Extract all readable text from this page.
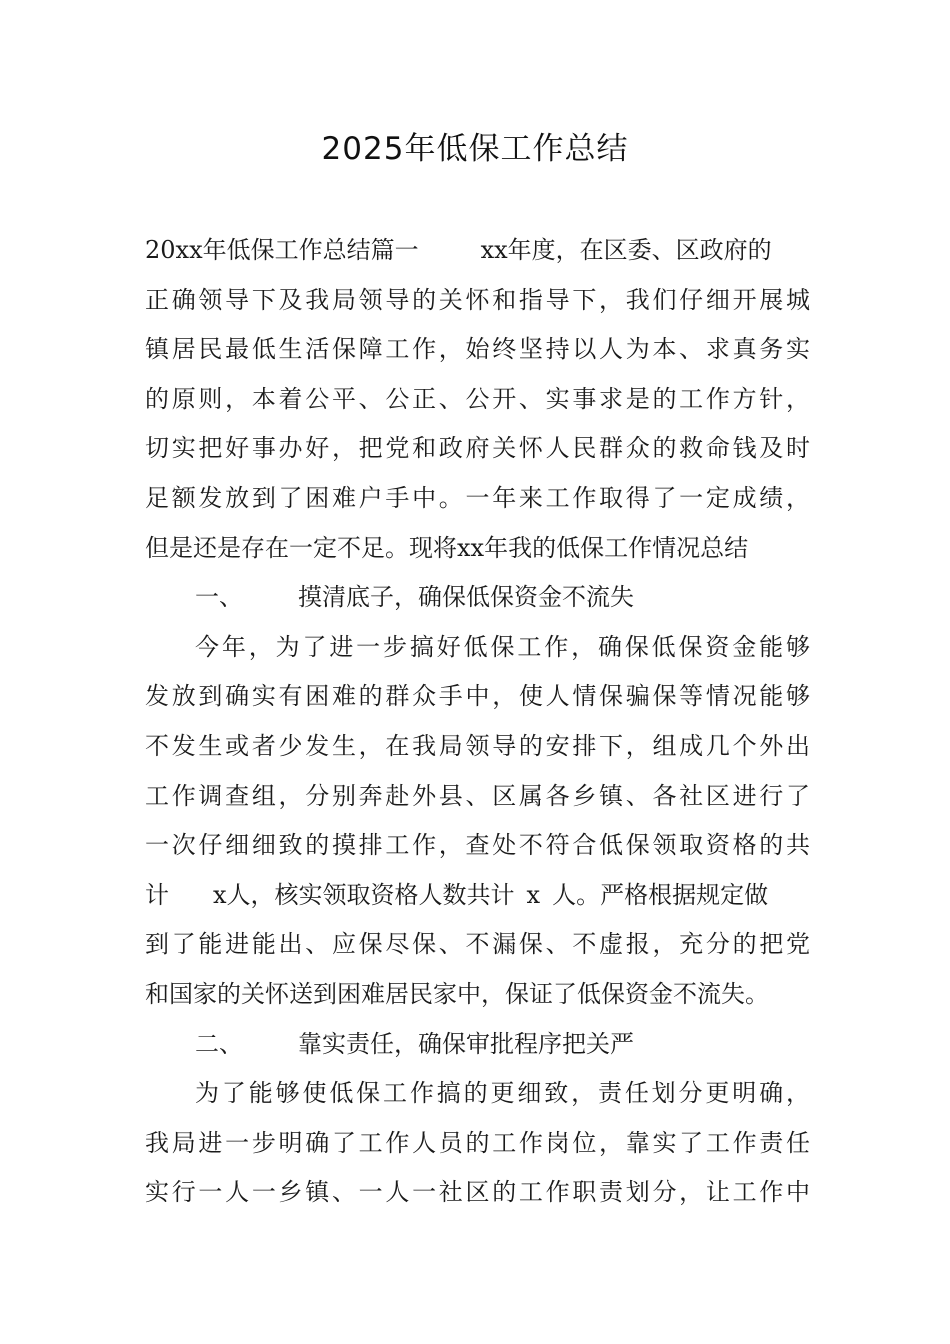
2025年低保工作总结
20xx年低保工作总结篇一	xx年度，在区委、区政府的
正确领导下及我局领导的关怀和指导下，我们仔细开展城
镇居民最低生活保障工作，始终坚持以人为本、求真务实
的原则，本着公平、公正、公开、实事求是的工作方针，
切实把好事办好，把党和政府关怀人民群众的救命钱及时
足额发放到了困难户手中。一年来工作取得了一定成绩，
但是还是存在一定不足。现将xx年我的低保工作情况总结
一、 摸清底子，确保低保资金不流失
今年，为了进一步搞好低保工作，确保低保资金能够
发放到确实有困难的群众手中，使人情保骗保等情况能够
不发生或者少发生，在我局领导的安排下，组成几个外出
工作调查组，分别奔赴外县、区属各乡镇、各社区进行了
一次仔细细致的摸排工作，查处不符合低保领取资格的共
计 x人，核实领取资格人数共计 x 人。严格根据规定做
到了能进能出、应保尽保、不漏保、不虚报，充分的把党
和国家的关怀送到困难居民家中，保证了低保资金不流失。
二、 靠实责任，确保审批程序把关严
为了能够使低保工作搞的更细致，责任划分更明确，
我局进一步明确了工作人员的工作岗位，靠实了工作责任
实行一人一乡镇、一人一社区的工作职责划分，让工作中
